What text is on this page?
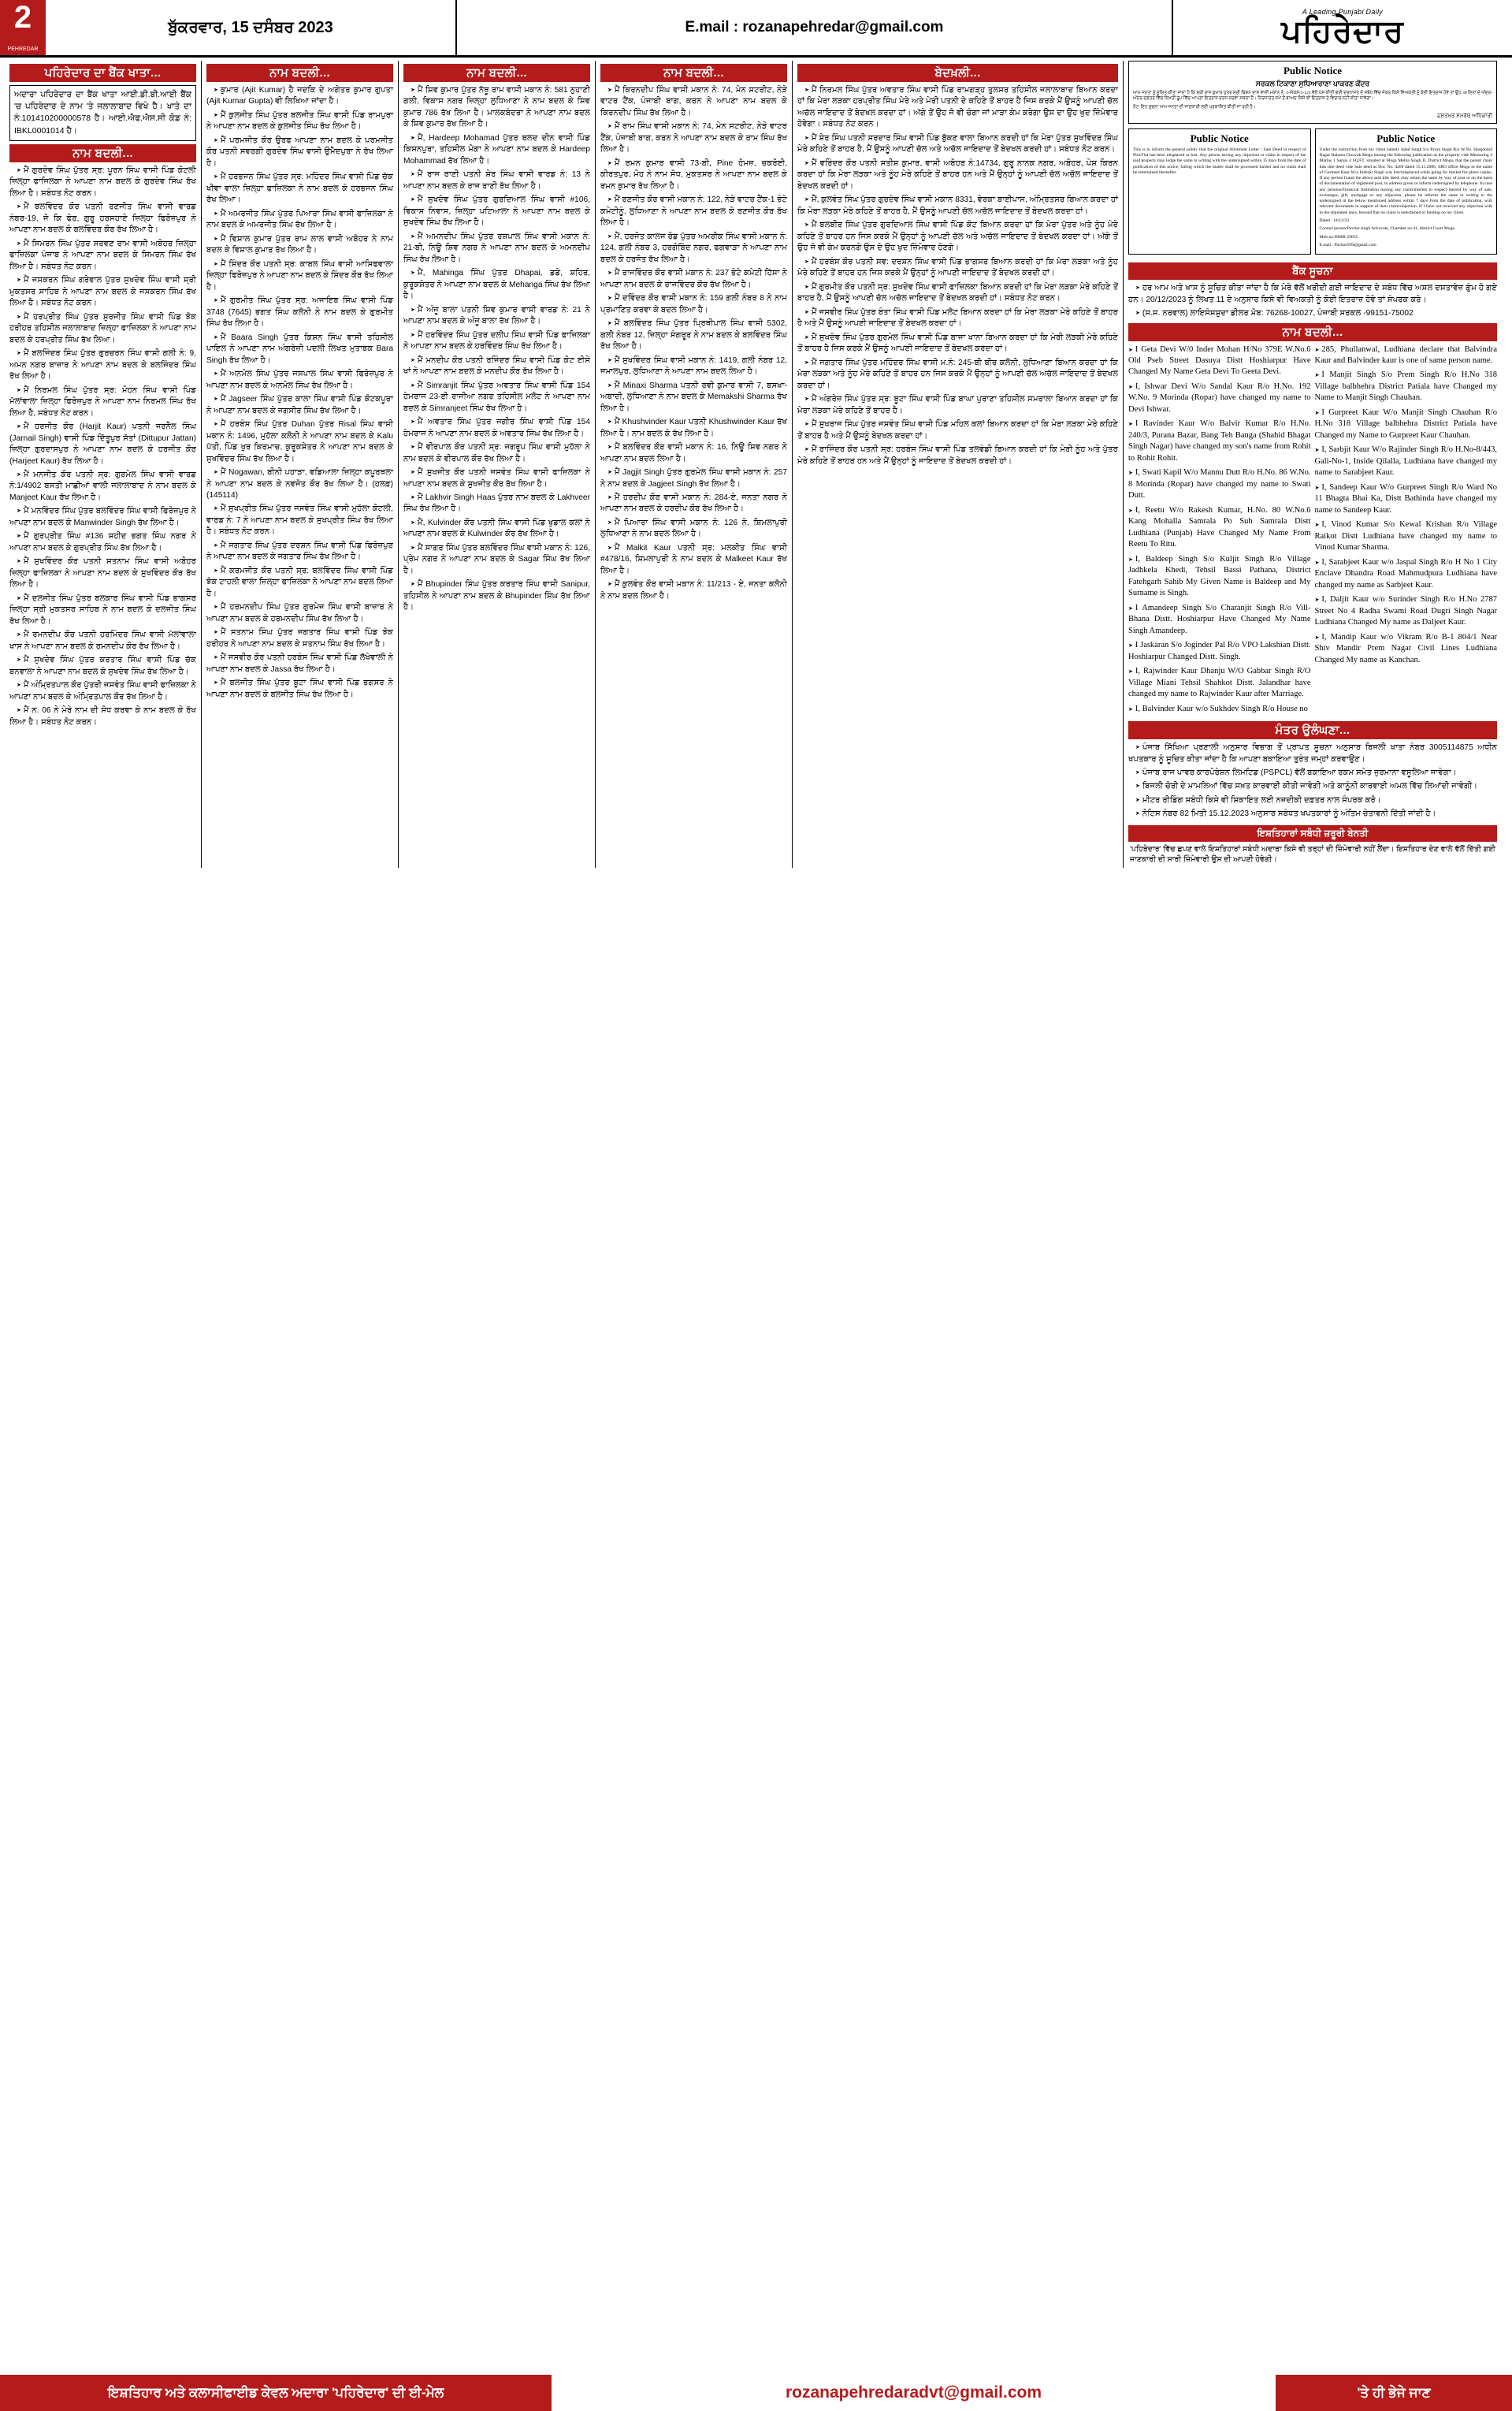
2
PEHREDAR
ਬੁੱਕਰਵਾਰ, 15 ਦਸੰਬਰ 2023	E.mail :
rozanapehredar@gmail.com
A Leading Punjabi Daily
ਪਹਿਰੇਦਾਰ
ਪਹਿਰੇਦਾਰ ਦਾ ਬੈਂਕ ਖਾਤਾ...
ਅਦਾਰਾ ਪਹਿਰੇਦਾਰ ਦਾ ਬੈਂਕ ਖਾਤਾ ਆਈ.ਡੀ.ਬੀ.ਆਈ ਬੈਂਕ 'ਚ ਪਹਿਰੇਦਾਰ ਦੇ ਨਾਮ 'ਤੇ ਜਲਾਲਾਬਾਦ ਵਿਖੇ ਹੈ। ਖਾਤੇ ਦਾ ਨੰ:101410200000578 ਹੈ। ਆਈ.ਐਫ.ਐਸ.ਸੀ ਕੋਡ ਨੰ: IBKL0001014 ਹੈ।
ਨਾਮ ਬਦਲੀ...

➤ ਮੈਂ ਗੁਰਦੇਵ ਸਿੰਘ ਪੁੱਤਰ ਸ੍ਰ: ਪੂਰਨ ਸਿੰਘ ਵਾਸੀ ਪਿੰਡ ਕੋਟਲੀ ਜ਼ਿਲ੍ਹਾ ਫਾਜਿਲਕਾ ਨੇ ਆਪਣਾ ਨਾਮ ਬਦਲ ਕੇ ਗੁਰਦੇਵ ਸਿੰਘ ਰੱਖ ਲਿਆ ਹੈ। ਸਬੰਧਤ ਨੋਟ ਕਰਨ।

➤ ਮੈਂ ਬਲਵਿੰਦਰ ਕੌਰ ਪਤਨੀ ਰਣਜੀਤ ਸਿੰਘ ਵਾਸੀ ਵਾਰਡ ਨੰਬਰ-19, ਜੋ ਕਿ ਫੇਰ, ਗੁਰੂ ਹਰਸਹਾਏ ਜ਼ਿਲ੍ਹਾ ਫਿਰੋਜ਼ਪੁਰ ਨੇ ਆਪਣਾ ਨਾਮ ਬਦਲ ਕੇ ਬਲਵਿੰਦਰ ਕੌਰ ਰੱਖ ਲਿਆ ਹੈ।

➤ ਮੈਂ ਸਿਮਰਨ ਸਿੰਘ ਪੁੱਤਰ ਸਰਵਣ ਰਾਮ ਵਾਸੀ ਅਬੋਹਰ ਜ਼ਿਲ੍ਹਾ ਫਾਜ਼ਿਲਕਾ ਪੰਜਾਬ ਨੇ ਆਪਣਾ ਨਾਮ ਬਦਲ ਕੇ ਸਿਮਰਨ ਸਿੰਘ ਰੱਖ ਲਿਆ ਹੈ। ਸਬੰਧਤ ਨੋਟ ਕਰਨ।

➤ ਮੈਂ ਜਸਕਰਨ ਸਿੰਘ ਗਰੇਵਾਲ ਪੁੱਤਰ ਸੁਖਦੇਵ ਸਿੰਘ ਵਾਸੀ ਸ੍ਰੀ ਮੁਕਤਸਰ ਸਾਹਿਬ ਨੇ ਆਪਣਾ ਨਾਮ ਬਦਲ ਕੇ ਜਸਕਰਨ ਸਿੰਘ ਰੱਖ ਲਿਆ ਹੈ। ਸਬੰਧਤ ਨੋਟ ਕਰਨ।

➤ ਮੈਂ ਹਰਪ੍ਰੀਤ ਸਿੰਘ ਪੁੱਤਰ ਸੁਰਜੀਤ ਸਿੰਘ ਵਾਸੀ ਪਿੰਡ ਝੋਕ ਹਰੀਹਰ ਤਹਿਸੀਲ ਜਲਾਲਾਬਾਦ ਜ਼ਿਲ੍ਹਾ ਫਾਜ਼ਿਲਕਾ ਨੇ ਆਪਣਾ ਨਾਮ ਬਦਲ ਕੇ ਹਰਪ੍ਰੀਤ ਸਿੰਘ ਰੱਖ ਲਿਆ।

➤ ਮੈਂ ਬਲਜਿੰਦਰ ਸਿੰਘ ਪੁੱਤਰ ਗੁਰਚਰਨ ਸਿੰਘ ਵਾਸੀ ਗਲੀ ਨੰ: 9, ਅਮਨ ਨਗਰ ਬਾਜ਼ਾਰ ਨੇ ਆਪਣਾ ਨਾਮ ਬਦਲ ਕੇ ਬਲਜਿੰਦਰ ਸਿੰਘ ਰੱਖ ਲਿਆ ਹੈ।

➤ ਮੈਂ ਨਿਰਮਲ ਸਿੰਘ ਪੁੱਤਰ ਸ੍ਰ: ਮੋਹਨ ਸਿੰਘ ਵਾਸੀ ਪਿੰਡ ਮੱਲਾਂਵਾਲਾ ਜ਼ਿਲ੍ਹਾ ਫਿਰੋਜ਼ਪੁਰ ਨੇ ਆਪਣਾ ਨਾਮ ਨਿਰਮਲ ਸਿੰਘ ਰੱਖ ਲਿਆ ਹੈ, ਸਬੰਧਤ ਨੋਟ ਕਰਨ।

➤ ਮੈਂ ਹਰਜੀਤ ਕੌਰ (Harjit Kaur) ਪਤਨੀ ਜਰਨੈਲ ਸਿੰਘ (Jarnail Singh) ਵਾਸੀ ਪਿੰਡ ਦਿੱਤੂਪੁਰ ਸੱਤਾਂ (Dittupur Jattan) ਜ਼ਿਲ੍ਹਾ ਗੁਰਦਾਸਪੁਰ ਨੇ ਆਪਣਾ ਨਾਮ ਬਦਲ ਕੇ ਹਰਜੀਤ ਕੌਰ (Harjeet Kaur) ਰੱਖ ਲਿਆ ਹੈ।

➤ ਮੈਂ ਮਨਜੀਤ ਕੌਰ ਪਤਨੀ ਸ੍ਰ: ਗੁਰਮੇਲ ਸਿੰਘ ਵਾਸੀ ਵਾਰਡ ਨੰ:1/4902 ਬਸਤੀ ਮਾਛੀਆਂ ਵਾਲੀ ਜਲਾਲਾਬਾਦ ਨੇ ਨਾਮ ਬਦਲ ਕੇ Manjeet Kaur ਰੱਖ ਲਿਆ ਹੈ।

➤ ਮੈਂ ਮਨਵਿੰਦਰ ਸਿੰਘ ਪੁੱਤਰ ਬਲਵਿੰਦਰ ਸਿੰਘ ਵਾਸੀ ਫਿਰੋਜ਼ਪੁਰ ਨੇ ਆਪਣਾ ਨਾਮ ਬਦਲ ਕੇ Manwinder Singh ਰੱਖ ਲਿਆ ਹੈ।

➤ ਮੈਂ ਗੁਰਪ੍ਰੀਤ ਸਿੰਘ #136 ਸ਼ਹੀਦ ਭਗਤ ਸਿੰਘ ਨਗਰ ਨੇ ਆਪਣਾ ਨਾਮ ਬਦਲ ਕੇ ਗੁਰਪ੍ਰੀਤ ਸਿੰਘ ਰੱਖ ਲਿਆ ਹੈ।

➤ ਮੈਂ ਸੁਖਵਿੰਦਰ ਕੌਰ ਪਤਨੀ ਸਤਨਾਮ ਸਿੰਘ ਵਾਸੀ ਅਬੋਹਰ ਜ਼ਿਲ੍ਹਾ ਫਾਜ਼ਿਲਕਾ ਨੇ ਆਪਣਾ ਨਾਮ ਬਦਲ ਕੇ ਸੁਖਵਿੰਦਰ ਕੌਰ ਰੱਖ ਲਿਆ ਹੈ।

➤ ਮੈਂ ਦਲਜੀਤ ਸਿੰਘ ਪੁੱਤਰ ਬਲਕਾਰ ਸਿੰਘ ਵਾਸੀ ਪਿੰਡ ਭਾਗਸਰ ਜ਼ਿਲ੍ਹਾ ਸ੍ਰੀ ਮੁਕਤਸਰ ਸਾਹਿਬ ਨੇ ਨਾਮ ਬਦਲ ਕੇ ਦਲਜੀਤ ਸਿੰਘ ਰੱਖ ਲਿਆ ਹੈ।

➤ ਮੈਂ ਰਮਨਦੀਪ ਕੌਰ ਪਤਨੀ ਹਰਮਿੰਦਰ ਸਿੰਘ ਵਾਸੀ ਮੱਲਾਂਵਾਲਾ ਖਾਸ ਨੇ ਆਪਣਾ ਨਾਮ ਬਦਲ ਕੇ ਰਮਨਦੀਪ ਕੌਰ ਰੱਖ ਲਿਆ ਹੈ।

➤ ਮੈਂ ਸੁਖਦੇਵ ਸਿੰਘ ਪੁੱਤਰ ਕਰਤਾਰ ਸਿੰਘ ਵਾਸੀ ਪਿੰਡ ਚੱਕ ਬਨਵਾਲਾ ਨੇ ਆਪਣਾ ਨਾਮ ਬਦਲ ਕੇ ਸੁਖਦੇਵ ਸਿੰਘ ਰੱਖ ਲਿਆ ਹੈ।

➤ ਮੈਂ ਅੰਮ੍ਰਿਤਪਾਲ ਕੌਰ ਪੁੱਤਰੀ ਜਸਵੰਤ ਸਿੰਘ ਵਾਸੀ ਫਾਜ਼ਿਲਕਾ ਨੇ ਆਪਣਾ ਨਾਮ ਬਦਲ ਕੇ ਅੰਮ੍ਰਿਤਪਾਲ ਕੌਰ ਰੱਖ ਲਿਆ ਹੈ।

➤ ਮੈਂ ਨ. 06 ਨੇ ਮੇਰੇ ਨਾਮ ਦੀ ਸੋਧ ਕਰਵਾ ਕੇ ਨਾਮ ਬਦਲ ਕੇ ਰੱਖ ਲਿਆ ਹੈ। ਸਬੰਧਤ ਨੋਟ ਕਰਨ।

ਨਾਮ ਬਦਲੀ...

➤ ਕੁਮਾਰ (Ajit Kumar) ਹੈ ਜਦਕਿ ਦੇ ਅਗੇਤਰ ਕੁਮਾਰ ਗੁਪਤਾ (Ajit Kumar Gupta) ਵੀ ਲਿਖਿਆ ਜਾਂਦਾ ਹੈ।

➤ ਮੈਂ ਕੁਲਜੀਤ ਸਿੰਘ ਪੁੱਤਰ ਬਲਜੀਤ ਸਿੰਘ ਵਾਸੀ ਪਿੰਡ ਰਾਮਪੁਰਾ ਨੇ ਆਪਣਾ ਨਾਮ ਬਦਲ ਕੇ ਕੁਲਜੀਤ ਸਿੰਘ ਰੱਖ ਲਿਆ ਹੈ।

➤ ਮੈਂ ਪਰਮਜੀਤ ਕੌਰ ਉਰਫ ਆਪਣਾ ਨਾਮ ਬਦਲ ਕੇ ਪਰਮਜੀਤ ਕੌਰ ਪਤਨੀ ਸਵਰਗੀ ਗੁਰਦੇਵ ਸਿੰਘ ਵਾਸੀ ਉਮੈਦਪੁਰਾ ਨੇ ਰੱਖ ਲਿਆ ਹੈ।

➤ ਮੈਂ ਹਰਭਜਨ ਸਿੰਘ ਪੁੱਤਰ ਸ੍ਰ: ਮਹਿੰਦਰ ਸਿੰਘ ਵਾਸੀ ਪਿੰਡ ਚੱਕ ਖੀਵਾ ਵਾਲਾ ਜ਼ਿਲ੍ਹਾ ਫਾਜ਼ਿਲਕਾ ਨੇ ਨਾਮ ਬਦਲ ਕੇ ਹਰਭਜਨ ਸਿੰਘ ਰੱਖ ਲਿਆ।

➤ ਮੈਂ ਅਮਰਜੀਤ ਸਿੰਘ ਪੁੱਤਰ ਪਿਆਰਾ ਸਿੰਘ ਵਾਸੀ ਫਾਜ਼ਿਲਕਾ ਨੇ ਨਾਮ ਬਦਲ ਕੇ ਅਮਰਜੀਤ ਸਿੰਘ ਰੱਖ ਲਿਆ ਹੈ।

➤ ਮੈਂ ਵਿਸ਼ਾਲ ਕੁਮਾਰ ਪੁੱਤਰ ਰਾਮ ਲਾਲ ਵਾਸੀ ਅਬੋਹਰ ਨੇ ਨਾਮ ਬਦਲ ਕੇ ਵਿਸ਼ਾਲ ਕੁਮਾਰ ਰੱਖ ਲਿਆ ਹੈ।

➤ ਮੈਂ ਸ਼ਿੰਦਰ ਕੌਰ ਪਤਨੀ ਸ੍ਰ: ਕਾਬਲ ਸਿੰਘ ਵਾਸੀ ਆਸਿਫਵਾਲਾ ਜ਼ਿਲ੍ਹਾ ਫਿਰੋਜ਼ਪੁਰ ਨੇ ਆਪਣਾ ਨਾਮ ਬਦਲ ਕੇ ਸ਼ਿੰਦਰ ਕੌਰ ਰੱਖ ਲਿਆ ਹੈ।

➤ ਮੈਂ ਗੁਰਮੀਤ ਸਿੰਘ ਪੁੱਤਰ ਸ੍ਰ: ਅਜਾਇਬ ਸਿੰਘ ਵਾਸੀ ਪਿੰਡ 3748 (7645) ਭਗਤ ਸਿੰਘ ਕਲੋਨੀ ਨੇ ਨਾਮ ਬਦਲ ਕੇ ਗੁਰਮੀਤ ਸਿੰਘ ਰੱਖ ਲਿਆ ਹੈ।

➤ ਮੈਂ Baara Singh ਪੁੱਤਰ ਕਿਸ਼ਨ ਸਿੰਘ ਵਾਸੀ ਤਹਿਸੀਲ ਪਾਇਲ ਨੇ ਆਪਣਾ ਨਾਮ ਅੰਗਰੇਜ਼ੀ ਪਦਲੀ ਲਿਖਤ ਮੁਤਾਬਕ Bara Singh ਰੱਖ ਲਿਆ ਹੈ।

➤ ਮੈਂ ਅਨਮੋਲ ਸਿੰਘ ਪੁੱਤਰ ਜਸਪਾਲ ਸਿੰਘ ਵਾਸੀ ਫਿਰੋਜ਼ਪੁਰ ਨੇ ਆਪਣਾ ਨਾਮ ਬਦਲ ਕੇ ਅਨਮੋਲ ਸਿੰਘ ਰੱਖ ਲਿਆ ਹੈ।

➤ ਮੈਂ Jagseer ਸਿੰਘ ਪੁੱਤਰ ਕਾਲਾ ਸਿੰਘ ਵਾਸੀ ਪਿੰਡ ਕੋਟਕਪੂਰਾ ਨੇ ਆਪਣਾ ਨਾਮ ਬਦਲ ਕੇ ਜਗਸੀਰ ਸਿੰਘ ਰੱਖ ਲਿਆ ਹੈ।

➤ ਮੈਂ ਹਰਬੰਸ ਸਿੰਘ ਪੁੱਤਰ Duhan ਪੁੱਤਰ Risal ਸਿੰਘ ਵਾਸੀ ਮਕਾਨ ਨੰ: 1496, ਮੁਹੱਲਾ ਕਲੋਨੀ ਨੇ ਆਪਣਾ ਨਾਮ ਬਦਲ ਕੇ Kalu ਪੱਤੀ, ਪਿੰਡ ਖੁਰ ਕਿਰਮਾਚ, ਕੁਰੂਕਸ਼ੇਤਰ ਨੇ ਆਪਣਾ ਨਾਮ ਬਦਲ ਕੇ ਸੁਖਵਿੰਦਰ ਸਿੰਘ ਰੱਖ ਲਿਆ ਹੈ।

➤ ਮੈਂ Nogawan, ਬੀਨੀ ਪਹਾੜਾ, ਵਡਿਆਲਾ ਜ਼ਿਲ੍ਹਾ ਕਪੂਰਥਲਾ ਨੇ ਆਪਣਾ ਨਾਮ ਬਦਲ ਕੇ ਨਵਜੋਤ ਕੌਰ ਰੱਖ ਲਿਆ ਹੈ। (ਹਲਫ਼) (145114)

➤ ਮੈਂ ਸੁਖਪ੍ਰੀਤ ਸਿੰਘ ਪੁੱਤਰ ਜਸਵੰਤ ਸਿੰਘ ਵਾਸੀ ਮੁਹੱਲਾ ਕੋਟਲੀ, ਵਾਰਡ ਨੰ: 7 ਨੇ ਆਪਣਾ ਨਾਮ ਬਦਲ ਕੇ ਸੁਖਪ੍ਰੀਤ ਸਿੰਘ ਰੱਖ ਲਿਆ ਹੈ। ਸਬੰਧਤ ਨੋਟ ਕਰਨ।

➤ ਮੈਂ ਜਗਤਾਰ ਸਿੰਘ ਪੁੱਤਰ ਦਰਸ਼ਨ ਸਿੰਘ ਵਾਸੀ ਪਿੰਡ ਫਿਰੋਜ਼ਪੁਰ ਨੇ ਆਪਣਾ ਨਾਮ ਬਦਲ ਕੇ ਜਗਤਾਰ ਸਿੰਘ ਰੱਖ ਲਿਆ ਹੈ।

➤ ਮੈਂ ਕਰਮਜੀਤ ਕੌਰ ਪਤਨੀ ਸ੍ਰ: ਬਲਵਿੰਦਰ ਸਿੰਘ ਵਾਸੀ ਪਿੰਡ ਝੋਕ ਟਾਹਲੀ ਵਾਲਾ ਜ਼ਿਲ੍ਹਾ ਫਾਜ਼ਿਲਕਾ ਨੇ ਆਪਣਾ ਨਾਮ ਬਦਲ ਲਿਆ ਹੈ।

➤ ਮੈਂ ਹਰਮਨਦੀਪ ਸਿੰਘ ਪੁੱਤਰ ਗੁਰਮੇਜ ਸਿੰਘ ਵਾਸੀ ਬਾਜ਼ਾਰ ਨੇ ਆਪਣਾ ਨਾਮ ਬਦਲ ਕੇ ਹਰਮਨਦੀਪ ਸਿੰਘ ਰੱਖ ਲਿਆ ਹੈ।

➤ ਮੈਂ ਸਤਨਾਮ ਸਿੰਘ ਪੁੱਤਰ ਜਗਤਾਰ ਸਿੰਘ ਵਾਸੀ ਪਿੰਡ ਝੋਕ ਹਰੀਹਰ ਨੇ ਆਪਣਾ ਨਾਮ ਬਦਲ ਕੇ ਸਤਨਾਮ ਸਿੰਘ ਰੱਖ ਲਿਆ ਹੈ।

➤ ਮੈਂ ਜਸਵੀਰ ਕੌਰ ਪਤਨੀ ਹਰਬੰਸ ਸਿੰਘ ਵਾਸੀ ਪਿੰਡ ਲੱਖੇਵਾਲੀ ਨੇ ਆਪਣਾ ਨਾਮ ਬਦਲ ਕੇ Jassa ਰੱਖ ਲਿਆ ਹੈ।

➤ ਮੈਂ ਬਲਜੀਤ ਸਿੰਘ ਪੁੱਤਰ ਬੂਟਾ ਸਿੰਘ ਵਾਸੀ ਪਿੰਡ ਭਗਸਰ ਨੇ ਆਪਣਾ ਨਾਮ ਬਦਲ ਕੇ ਬਲਜੀਤ ਸਿੰਘ ਰੱਖ ਲਿਆ ਹੈ।

ਨਾਮ ਬਦਲੀ...

➤ ਮੈਂ ਸ਼ਿਵ ਕੁਮਾਰ ਪੁੱਤਰ ਨੱਥੂ ਰਾਮ ਵਾਸੀ ਮਕਾਨ ਨੰ: 581 ਨੁਹਾਣੀ ਗਲੀ, ਵਿਕਾਸ ਨਗਰ ਜ਼ਿਲ੍ਹਾ ਲੁਧਿਆਣਾ ਨੇ ਨਾਮ ਬਦਲ ਕੇ ਸ਼ਿਵ ਕੁਮਾਰ 786 ਰੱਖ ਲਿਆ ਹੈ। ਮਾਲਕਬੰਦਰਾ ਨੇ ਆਪਣਾ ਨਾਮ ਬਦਲ ਕੇ ਸ਼ਿਵ ਕੁਮਾਰ ਰੱਖ ਲਿਆ ਹੈ।

➤ ਮੈਂ, Hardeep Mohamad ਪੁੱਤਰ ਬਲਦ ਦੀਨ ਵਾਸੀ ਪਿੰਡ ਕਿਸ਼ਨਪੁਰਾ, ਤਹਿਸੀਲ ਮੋਗਾ ਨੇ ਆਪਣਾ ਨਾਮ ਬਦਲ ਕੇ Hardeep Mohammad ਰੱਖ ਲਿਆ ਹੈ।

➤ ਮੈਂ ਰਾਜ ਰਾਣੀ ਪਤਨੀ ਸ਼ੇਰ ਸਿੰਘ ਵਾਸੀ ਵਾਰਡ ਨੰ: 13 ਨੇ ਆਪਣਾ ਨਾਮ ਬਦਲ ਕੇ ਰਾਜ ਰਾਣੀ ਰੱਖ ਲਿਆ ਹੈ।

➤ ਮੈਂ ਸੁਖਦੇਵ ਸਿੰਘ ਪੁੱਤਰ ਗੁਰਦਿਆਲ ਸਿੰਘ ਵਾਸੀ #106, ਵਿਕਾਸ ਨਿਵਾਸ, ਜ਼ਿਲ੍ਹਾ ਪਟਿਆਲਾ ਨੇ ਆਪਣਾ ਨਾਮ ਬਦਲ ਕੇ ਸੁਖਦੇਵ ਸਿੰਘ ਰੱਖ ਲਿਆ ਹੈ।

➤ ਮੈਂ ਅਮਨਦੀਪ ਸਿੰਘ ਪੁੱਤਰ ਰਸ਼ਪਾਲ ਸਿੰਘ ਵਾਸੀ ਮਕਾਨ ਨੰ: 21-ਬੀ, ਨਿਊ ਸ਼ਿਵ ਨਗਰ ਨੇ ਆਪਣਾ ਨਾਮ ਬਦਲ ਕੇ ਅਮਨਦੀਪ ਸਿੰਘ ਰੱਖ ਲਿਆ ਹੈ।

➤ ਮੈਂ, Mahinga ਸਿੰਘ ਪੁੱਤਰ Dhapai, ਡਡੇ, ਸ਼ਹਿਰ, ਕੁਰੂਕਸ਼ੇਤਰ ਨੇ ਆਪਣਾ ਨਾਮ ਬਦਲ ਕੇ Mehanga ਸਿੰਘ ਰੱਖ ਲਿਆ ਹੈ।

➤ ਮੈਂ ਅੰਜੂ ਬਾਲਾ ਪਤਨੀ ਸ਼ਿਵ ਕੁਮਾਰ ਵਾਸੀ ਵਾਰਡ ਨੰ: 21 ਨੇ ਆਪਣਾ ਨਾਮ ਬਦਲ ਕੇ ਅੰਜੂ ਬਾਲਾ ਰੱਖ ਲਿਆ ਹੈ।

➤ ਮੈਂ ਹਰਵਿੰਦਰ ਸਿੰਘ ਪੁੱਤਰ ਦਲੀਪ ਸਿੰਘ ਵਾਸੀ ਪਿੰਡ ਫਾਜ਼ਿਲਕਾ ਨੇ ਆਪਣਾ ਨਾਮ ਬਦਲ ਕੇ ਹਰਵਿੰਦਰ ਸਿੰਘ ਰੱਖ ਲਿਆ ਹੈ।

➤ ਮੈਂ ਮਨਦੀਪ ਕੌਰ ਪਤਨੀ ਰਜਿੰਦਰ ਸਿੰਘ ਵਾਸੀ ਪਿੰਡ ਕੋਟ ਈਸੇ ਖਾਂ ਨੇ ਆਪਣਾ ਨਾਮ ਬਦਲ ਕੇ ਮਨਦੀਪ ਕੌਰ ਰੱਖ ਲਿਆ ਹੈ।

➤ ਮੈਂ Simranjit ਸਿੰਘ ਪੁੱਤਰ ਅਵਤਾਰ ਸਿੰਘ ਵਾਸੀ ਪਿੰਡ 154 ਹੇਮਰਾਜ 23-ਈ ਰਾਜੀਆ ਨਗਰ ਤਹਿਸੀਲ ਮਲੋਟ ਨੇ ਆਪਣਾ ਨਾਮ ਬਦਲ ਕੇ Simranjeet ਸਿੰਘ ਰੱਖ ਲਿਆ ਹੈ।

➤ ਮੈਂ ਅਵਤਾਰ ਸਿੰਘ ਪੁੱਤਰ ਜਗੀਰ ਸਿੰਘ ਵਾਸੀ ਪਿੰਡ 154 ਹੇਮਰਾਜ ਨੇ ਆਪਣਾ ਨਾਮ ਬਦਲ ਕੇ ਅਵਤਾਰ ਸਿੰਘ ਰੱਖ ਲਿਆ ਹੈ।

➤ ਮੈਂ ਵੀਰਪਾਲ ਕੌਰ ਪਤਨੀ ਸ੍ਰ: ਜਗਰੂਪ ਸਿੰਘ ਵਾਸੀ ਮੁਹੱਲਾ ਨੇ ਨਾਮ ਬਦਲ ਕੇ ਵੀਰਪਾਲ ਕੌਰ ਰੱਖ ਲਿਆ ਹੈ।

➤ ਮੈਂ ਸੁਖਜੀਤ ਕੌਰ ਪਤਨੀ ਜਸਵੰਤ ਸਿੰਘ ਵਾਸੀ ਫਾਜ਼ਿਲਕਾ ਨੇ ਆਪਣਾ ਨਾਮ ਬਦਲ ਕੇ ਸੁਖਜੀਤ ਕੌਰ ਰੱਖ ਲਿਆ ਹੈ।

➤ ਮੈਂ Lakhvir Singh Haas ਪੁੱਤਰ ਨਾਮ ਬਦਲ ਕੇ Lakhveer ਸਿੰਘ ਰੱਖ ਲਿਆ ਹੈ।

➤ ਮੈਂ, Kulvinder ਕੌਰ ਪਤਨੀ ਸਿੰਘ ਵਾਸੀ ਪਿੰਡ ਖੁਡਾਲ ਕਲਾਂ ਨੇ ਆਪਣਾ ਨਾਮ ਬਦਲ ਕੇ Kulwinder ਕੌਰ ਰੱਖ ਲਿਆ ਹੈ।

➤ ਮੈਂ ਸਾਗਰ ਸਿੰਘ ਪੁੱਤਰ ਬਲਵਿੰਦਰ ਸਿੰਘ ਵਾਸੀ ਮਕਾਨ ਨੰ: 126, ਪ੍ਰੇਮ ਨਗਰ ਨੇ ਆਪਣਾ ਨਾਮ ਬਦਲ ਕੇ Sagar ਸਿੰਘ ਰੱਖ ਲਿਆ ਹੈ।

➤ ਮੈਂ Bhupinder ਸਿੰਘ ਪੁੱਤਰ ਕਰਤਾਰ ਸਿੰਘ ਵਾਸੀ Sanipur, ਤਹਿਸੀਲ ਨੇ ਆਪਣਾ ਨਾਮ ਬਦਲ ਕੇ Bhupinder ਸਿੰਘ ਰੱਖ ਲਿਆ ਹੈ।

ਨਾਮ ਬਦਲੀ...

➤ ਮੈਂ ਕਿਰਨਦੀਪ ਸਿੰਘ ਵਾਸੀ ਮਕਾਨ ਨੰ: 74, ਮੇਨ ਸਟਰੀਟ, ਨੇੜੇ ਵਾਟਰ ਟੈਂਕ, ਪੰਜਾਬੀ ਬਾਗ, ਕਰਨ ਨੇ ਆਪਣਾ ਨਾਮ ਬਦਲ ਕੇ ਕਿਰਨਦੀਪ ਸਿੰਘ ਰੱਖ ਲਿਆ ਹੈ।

➤ ਮੈਂ ਰਾਮ ਸਿੰਘ ਵਾਸੀ ਮਕਾਨ ਨੰ: 74, ਮੇਨ ਸਟਰੀਟ, ਨੇੜੇ ਵਾਟਰ ਟੈਂਕ, ਪੰਜਾਬੀ ਬਾਗ, ਕਰਨ ਨੇ ਆਪਣਾ ਨਾਮ ਬਦਲ ਕੇ ਰਾਮ ਸਿੰਘ ਰੱਖ ਲਿਆ ਹੈ।

➤ ਮੈਂ ਰਮਨ ਕੁਮਾਰ ਵਾਸੀ 73-ਬੀ, Pine ਹੋਮਜ਼, ਚਕਰੋਈ, ਕੀਰਤਪੁਰ, ਮੋਹ ਨੇ ਨਾਮ ਸੋਧ, ਮੁਕਤਸਰ ਨੇ ਆਪਣਾ ਨਾਮ ਬਦਲ ਕੇ ਰਮਨ ਕੁਮਾਰ ਰੱਖ ਲਿਆ ਹੈ।

➤ ਮੈਂ ਰਣਜੀਤ ਕੌਰ ਵਾਸੀ ਮਕਾਨ ਨੰ: 122, ਨੇੜੇ ਵਾਟਰ ਟੈਂਕ-1 ਭੇਟੇ ਕਮੇਟੀਨੂੰ, ਲੁਧਿਆਣਾ ਨੇ ਆਪਣਾ ਨਾਮ ਬਦਲ ਕੇ ਰਣਜੀਤ ਕੌਰ ਰੱਖ ਲਿਆ ਹੈ।

➤ ਮੈਂ, ਹਰਜੋਤ ਕਾਲਜ ਰੋਡ ਪੁੱਤਰ ਅਮਰੀਕ ਸਿੰਘ ਵਾਸੀ ਮਕਾਨ ਨੰ: 124, ਗਲੀ ਨੰਬਰ 3, ਹਰਗੋਬਿੰਦ ਨਗਰ, ਫਗਵਾੜਾ ਨੇ ਆਪਣਾ ਨਾਮ ਬਦਲ ਕੇ ਹਰਜੋਤ ਰੱਖ ਲਿਆ ਹੈ।

➤ ਮੈਂ ਰਾਜਵਿੰਦਰ ਕੌਰ ਵਾਸੀ ਮਕਾਨ ਨੰ: 237 ਭੇਟੇ ਕਮੇਟੀ ਹਿੱਸਾ ਨੇ ਆਪਣਾ ਨਾਮ ਬਦਲ ਕੇ ਰਾਜਵਿੰਦਰ ਕੌਰ ਰੱਖ ਲਿਆ ਹੈ।

➤ ਮੈਂ ਦਵਿੰਦਰ ਕੌਰ ਵਾਸੀ ਮਕਾਨ ਨੰ: 159 ਗਲੀ ਨੰਬਰ 8 ਨੇ ਨਾਮ ਪ੍ਰਮਾਣਿਤ ਕਰਵਾ ਕੇ ਬਦਲ ਲਿਆ ਹੈ।

➤ ਮੈਂ ਬਲਵਿੰਦਰ ਸਿੰਘ ਪੁੱਤਰ ਪ੍ਰਿਥੀਪਾਲ ਸਿੰਘ ਵਾਸੀ 5302, ਗਲੀ ਨੰਬਰ 12, ਜ਼ਿਲ੍ਹਾ ਸੰਗਰੂਰ ਨੇ ਨਾਮ ਬਦਲ ਕੇ ਬਲਵਿੰਦਰ ਸਿੰਘ ਰੱਖ ਲਿਆ ਹੈ।

➤ ਮੈਂ ਸੁਖਵਿੰਦਰ ਸਿੰਘ ਵਾਸੀ ਮਕਾਨ ਨੰ: 1419, ਗਲੀ ਨੰਬਰ 12, ਜਮਾਲਪੁਰ, ਲੁਧਿਆਣਾ ਨੇ ਆਪਣਾ ਨਾਮ ਬਦਲ ਲਿਆ ਹੈ।

➤ ਮੈਂ Minaxi Sharma ਪਤਨੀ ਰਵੀ ਕੁਮਾਰ ਵਾਸੀ 7, ਬਸਖਾ-ਅਬਾਦੀ, ਲੁਧਿਆਣਾ ਨੇ ਨਾਮ ਬਦਲ ਕੇ Memakshi Sharma ਰੱਖ ਲਿਆ ਹੈ।

➤ ਮੈਂ Khushvinder Kaur ਪਤਨੀ Khushwinder Kaur ਰੱਖ ਲਿਆ ਹੈ। ਨਾਮ ਬਦਲ ਕੇ ਰੱਖ ਲਿਆ ਹੈ।

➤ ਮੈਂ ਬਲਵਿੰਦਰ ਕੌਰ ਵਾਸੀ ਮਕਾਨ ਨੰ: 16, ਨਿਊ ਸ਼ਿਵ ਨਗਰ ਨੇ ਆਪਣਾ ਨਾਮ ਬਦਲ ਲਿਆ ਹੈ।

➤ ਮੈਂ Jagjit Singh ਪੁੱਤਰ ਗੁਰਮੇਲ ਸਿੰਘ ਵਾਸੀ ਮਕਾਨ ਨੰ: 257 ਨੇ ਨਾਮ ਬਦਲ ਕੇ Jagjeet Singh ਰੱਖ ਲਿਆ ਹੈ।

➤ ਮੈਂ ਹਰਦੀਪ ਕੌਰ ਵਾਸੀ ਮਕਾਨ ਨੰ: 284-ਏ, ਜਨਤਾ ਨਗਰ ਨੇ ਆਪਣਾ ਨਾਮ ਬਦਲ ਕੇ ਹਰਦੀਪ ਕੌਰ ਰੱਖ ਲਿਆ ਹੈ।

➤ ਮੈਂ ਪਿਆਰਾ ਸਿੰਘ ਵਾਸੀ ਮਕਾਨ ਨੰ: 126 ਨੇ, ਸ਼ਿਮਲਾਪੁਰੀ ਲੁਧਿਆਣਾ ਨੇ ਨਾਮ ਬਦਲ ਲਿਆ ਹੈ।

➤ ਮੈਂ Malkit Kaur ਪਤਨੀ ਸ੍ਰ: ਮਲਕੀਤ ਸਿੰਘ ਵਾਸੀ #478/16, ਸ਼ਿਮਲਾਪੁਰੀ ਨੇ ਨਾਮ ਬਦਲ ਕੇ Malkeet Kaur ਰੱਖ ਲਿਆ ਹੈ।

➤ ਮੈਂ ਕੁਲਵੰਤ ਕੌਰ ਵਾਸੀ ਮਕਾਨ ਨੰ: 11/213 - ਏ, ਜਨਤਾ ਕਲੋਨੀ ਨੇ ਨਾਮ ਬਦਲ ਲਿਆ ਹੈ।

ਬੇਦਖ਼ਲੀ...

➤ ਮੈਂ ਨਿਰਮਲ ਸਿੰਘ ਪੁੱਤਰ ਅਵਤਾਰ ਸਿੰਘ ਵਾਸੀ ਪਿੰਡ ਰਾਮਗੜ੍ਹ ਤੁਲਸਰ ਤਹਿਸੀਲ ਜਲਾਲਾਬਾਦ ਬਿਆਨ ਕਰਦਾ ਹਾਂ ਕਿ ਮੇਰਾ ਲੜਕਾ ਹਰਪ੍ਰੀਤ ਸਿੰਘ ਮੇਰੇ ਅਤੇ ਮੇਰੀ ਪਤਨੀ ਦੇ ਕਹਿਣੇ ਤੋਂ ਬਾਹਰ ਹੈ ਜਿਸ ਕਰਕੇ ਮੈਂ ਉਸਨੂੰ ਆਪਣੀ ਚੱਲ ਅਚੱਲ ਜਾਇਦਾਦ ਤੋਂ ਬੇਦਖਲ ਕਰਦਾ ਹਾਂ। ਅੱਗੇ ਤੋਂ ਉਹ ਜੋ ਵੀ ਚੰਗਾ ਜਾਂ ਮਾੜਾ ਕੰਮ ਕਰੇਗਾ ਉਸ ਦਾ ਉਹ ਖੁਦ ਜ਼ਿੰਮੇਵਾਰ ਹੋਵੇਗਾ। ਸਬੰਧਤ ਨੋਟ ਕਰਨ।

➤ ਮੈਂ ਸ਼ੇਰ ਸਿੰਘ ਪਤਨੀ ਸਰਦਾਰ ਸਿੰਘ ਵਾਸੀ ਪਿੰਡ ਬੁੱਕਣ ਵਾਲਾ ਬਿਆਨ ਕਰਦੀ ਹਾਂ ਕਿ ਮੇਰਾ ਪੁੱਤਰ ਸੁਖਵਿੰਦਰ ਸਿੰਘ ਮੇਰੇ ਕਹਿਣੇ ਤੋਂ ਬਾਹਰ ਹੈ, ਮੈਂ ਉਸਨੂੰ ਆਪਣੀ ਚੱਲ ਅਤੇ ਅਚੱਲ ਜਾਇਦਾਦ ਤੋਂ ਬੇਦਖਲ ਕਰਦੀ ਹਾਂ। ਸਬੰਧਤ ਨੋਟ ਕਰਨ।

➤ ਮੈਂ ਵਰਿੰਦਰ ਕੌਰ ਪਤਨੀ ਸਤੀਸ਼ ਕੁਮਾਰ, ਵਾਸੀ ਅਬੋਹਰ ਨੰ:14734, ਗੁਰੂ ਨਾਨਕ ਨਗਰ, ਅਬੋਹਰ, ਪੇਸ਼ ਕਿਰਨ ਕਰਦਾ ਹਾਂ ਕਿ ਮੇਰਾ ਲੜਕਾ ਅਤੇ ਨੂੰਹ ਮੇਰੇ ਕਹਿਣੇ ਤੋਂ ਬਾਹਰ ਹਨ ਅਤੇ ਮੈਂ ਉਨ੍ਹਾਂ ਨੂੰ ਆਪਣੀ ਚੱਲ ਅਚੱਲ ਜਾਇਦਾਦ ਤੋਂ ਬੇਦਖਲ ਕਰਦੀ ਹਾਂ।

➤ ਮੈਂ, ਕੁਲਵੰਤ ਸਿੰਘ ਪੁੱਤਰ ਗੁਰਦੇਵ ਸਿੰਘ ਵਾਸੀ ਮਕਾਨ 8331, ਵੇਰਕਾ ਬਾਈਪਾਸ, ਅੰਮ੍ਰਿਤਸਰ ਬਿਆਨ ਕਰਦਾ ਹਾਂ ਕਿ ਮੇਰਾ ਲੜਕਾ ਮੇਰੇ ਕਹਿਣੇ ਤੋਂ ਬਾਹਰ ਹੈ, ਮੈਂ ਉਸਨੂੰ ਆਪਣੀ ਚੱਲ ਅਚੱਲ ਜਾਇਦਾਦ ਤੋਂ ਬੇਦਖਲ ਕਰਦਾ ਹਾਂ।

➤ ਮੈਂ ਬਲਬੀਰ ਸਿੰਘ ਪੁੱਤਰ ਗੁਰਦਿਆਲ ਸਿੰਘ ਵਾਸੀ ਪਿੰਡ ਕੋਟ ਬਿਆਨ ਕਰਦਾ ਹਾਂ ਕਿ ਮੇਰਾ ਪੁੱਤਰ ਅਤੇ ਨੂੰਹ ਮੇਰੇ ਕਹਿਣੇ ਤੋਂ ਬਾਹਰ ਹਨ ਜਿਸ ਕਰਕੇ ਮੈਂ ਉਨ੍ਹਾਂ ਨੂੰ ਆਪਣੀ ਚੱਲ ਅਤੇ ਅਚੱਲ ਜਾਇਦਾਦ ਤੋਂ ਬੇਦਖਲ ਕਰਦਾ ਹਾਂ। ਅੱਗੇ ਤੋਂ ਉਹ ਜੋ ਵੀ ਕੰਮ ਕਰਨਗੇ ਉਸ ਦੇ ਉਹ ਖੁਦ ਜ਼ਿੰਮੇਵਾਰ ਹੋਣਗੇ।

➤ ਮੈਂ ਹਰਬੰਸ ਕੌਰ ਪਤਨੀ ਸਵ: ਦਰਸ਼ਨ ਸਿੰਘ ਵਾਸੀ ਪਿੰਡ ਭਾਗਸਰ ਬਿਆਨ ਕਰਦੀ ਹਾਂ ਕਿ ਮੇਰਾ ਲੜਕਾ ਅਤੇ ਨੂੰਹ ਮੇਰੇ ਕਹਿਣੇ ਤੋਂ ਬਾਹਰ ਹਨ ਜਿਸ ਕਰਕੇ ਮੈਂ ਉਨ੍ਹਾਂ ਨੂੰ ਆਪਣੀ ਜਾਇਦਾਦ ਤੋਂ ਬੇਦਖਲ ਕਰਦੀ ਹਾਂ।

➤ ਮੈਂ ਗੁਰਮੀਤ ਕੌਰ ਪਤਨੀ ਸ੍ਰ: ਸੁਖਦੇਵ ਸਿੰਘ ਵਾਸੀ ਫਾਜ਼ਿਲਕਾ ਬਿਆਨ ਕਰਦੀ ਹਾਂ ਕਿ ਮੇਰਾ ਲੜਕਾ ਮੇਰੇ ਕਹਿਣੇ ਤੋਂ ਬਾਹਰ ਹੈ, ਮੈਂ ਉਸਨੂੰ ਆਪਣੀ ਚੱਲ ਅਚੱਲ ਜਾਇਦਾਦ ਤੋਂ ਬੇਦਖਲ ਕਰਦੀ ਹਾਂ। ਸਬੰਧਤ ਨੋਟ ਕਰਨ।

➤ ਮੈਂ ਜਸਵੀਰ ਸਿੰਘ ਪੁੱਤਰ ਬੰਤਾ ਸਿੰਘ ਵਾਸੀ ਪਿੰਡ ਮਲੋਟ ਬਿਆਨ ਕਰਦਾ ਹਾਂ ਕਿ ਮੇਰਾ ਲੜਕਾ ਮੇਰੇ ਕਹਿਣੇ ਤੋਂ ਬਾਹਰ ਹੈ ਅਤੇ ਮੈਂ ਉਸਨੂੰ ਆਪਣੀ ਜਾਇਦਾਦ ਤੋਂ ਬੇਦਖਲ ਕਰਦਾ ਹਾਂ।

➤ ਮੈਂ ਸੁਖਦੇਵ ਸਿੰਘ ਪੁੱਤਰ ਗੁਰਮੇਲ ਸਿੰਘ ਵਾਸੀ ਪਿੰਡ ਬਾਜਾ ਖਾਨਾ ਬਿਆਨ ਕਰਦਾ ਹਾਂ ਕਿ ਮੇਰੀ ਲੜਕੀ ਮੇਰੇ ਕਹਿਣੇ ਤੋਂ ਬਾਹਰ ਹੈ ਜਿਸ ਕਰਕੇ ਮੈਂ ਉਸਨੂੰ ਆਪਣੀ ਜਾਇਦਾਦ ਤੋਂ ਬੇਦਖਲ ਕਰਦਾ ਹਾਂ।

➤ ਮੈਂ ਜਗਤਾਰ ਸਿੰਘ ਪੁੱਤਰ ਮਹਿੰਦਰ ਸਿੰਘ ਵਾਸੀ ਮ.ਨੰ: 245-ਬੀ ਬੀਰ ਕਲੋਨੀ, ਲੁਧਿਆਣਾ ਬਿਆਨ ਕਰਦਾ ਹਾਂ ਕਿ ਮੇਰਾ ਲੜਕਾ ਅਤੇ ਨੂੰਹ ਮੇਰੇ ਕਹਿਣੇ ਤੋਂ ਬਾਹਰ ਹਨ ਜਿਸ ਕਰਕੇ ਮੈਂ ਉਨ੍ਹਾਂ ਨੂੰ ਆਪਣੀ ਚੱਲ ਅਚੱਲ ਜਾਇਦਾਦ ਤੋਂ ਬੇਦਖਲ ਕਰਦਾ ਹਾਂ।

➤ ਮੈਂ ਅੰਗਰੇਜ਼ ਸਿੰਘ ਪੁੱਤਰ ਸ੍ਰ: ਬੂਟਾ ਸਿੰਘ ਵਾਸੀ ਪਿੰਡ ਬਾਘਾ ਪੁਰਾਣਾ ਤਹਿਸੀਲ ਸਮਰਾਲਾ ਬਿਆਨ ਕਰਦਾ ਹਾਂ ਕਿ ਮੇਰਾ ਲੜਕਾ ਮੇਰੇ ਕਹਿਣੇ ਤੋਂ ਬਾਹਰ ਹੈ।

➤ ਮੈਂ ਸੁਖਰਾਜ ਸਿੰਘ ਪੁੱਤਰ ਜਸਵੰਤ ਸਿੰਘ ਵਾਸੀ ਪਿੰਡ ਮਹਿਲ ਕਲਾਂ ਬਿਆਨ ਕਰਦਾ ਹਾਂ ਕਿ ਮੇਰਾ ਲੜਕਾ ਮੇਰੇ ਕਹਿਣੇ ਤੋਂ ਬਾਹਰ ਹੈ ਅਤੇ ਮੈਂ ਉਸਨੂੰ ਬੇਦਖਲ ਕਰਦਾ ਹਾਂ।

➤ ਮੈਂ ਰਾਜਿੰਦਰ ਕੌਰ ਪਤਨੀ ਸ੍ਰ: ਹਰਬੰਸ ਸਿੰਘ ਵਾਸੀ ਪਿੰਡ ਤਲਵੰਡੀ ਬਿਆਨ ਕਰਦੀ ਹਾਂ ਕਿ ਮੇਰੀ ਨੂੰਹ ਅਤੇ ਪੁੱਤਰ ਮੇਰੇ ਕਹਿਣੇ ਤੋਂ ਬਾਹਰ ਹਨ ਅਤੇ ਮੈਂ ਉਨ੍ਹਾਂ ਨੂੰ ਜਾਇਦਾਦ ਤੋਂ ਬੇਦਖਲ ਕਰਦੀ ਹਾਂ।

Public Notice
ਸਰਕਲ ਟਿਕਾਣਾ ਸੁਧਿਆਰਾਣਾ ਪਾਕਰਣ ਕੇਂਦਰ

ਆਮ ਜਨਤਾ ਨੂੰ ਸੂਚਿਤ ਕੀਤਾ ਜਾਂਦਾ ਹੈ ਕਿ ਸ਼੍ਰੀ ਰਾਜ ਕੁਮਾਰ ਪੁੱਤਰ ਸ਼੍ਰੀ ਬਿਸ਼ਨ ਦਾਸ ਵਾਸੀ ਮਕਾਨ ਨੰ. 3-ਐਕਸ/3-123 ਵੱਲੋਂ ਪੇਸ਼ ਕੀਤੀ ਗਈ ਦਰਖਾਸਤ ਦੇ ਸਬੰਧ ਵਿੱਚ ਜੇਕਰ ਕਿਸੇ ਵਿਅਕਤੀ ਨੂੰ ਕੋਈ ਇਤਰਾਜ਼ ਹੋਵੇ ਤਾਂ ਉਹ 30 ਦਿਨਾਂ ਦੇ ਅੰਦਰ-ਅੰਦਰ ਦਫ਼ਤਰ ਵਿੱਚ ਲਿਖਤੀ ਰੂਪ ਵਿੱਚ ਆਪਣਾ ਇਤਰਾਜ਼ ਦਰਜ ਕਰਵਾ ਸਕਦਾ ਹੈ। ਨਿਰਧਾਰਤ ਸਮੇਂ ਤੋਂ ਬਾਅਦ ਕਿਸੇ ਵੀ ਇਤਰਾਜ਼ ਤੇ ਵਿਚਾਰ ਨਹੀਂ ਕੀਤਾ ਜਾਵੇਗਾ।

ਨੋਟ: ਇਹ ਸੂਚਨਾ ਆਮ ਜਨਤਾ ਦੀ ਜਾਣਕਾਰੀ ਲਈ ਪ੍ਰਕਾਸ਼ਿਤ ਕੀਤੀ ਜਾ ਰਹੀ ਹੈ।

ਦਸਤਖਤ ਸਮਰੱਥ ਅਧਿਕਾਰੀ
Public Notice

This is to inform the general public that the original Allotment Letter / Sale Deed in respect of Plot/Flat has been misplaced or lost. Any person having any objection or claim in respect of the said property may lodge the same in writing with the undersigned within 15 days from the date of publication of this notice, failing which the matter shall be processed further and no claim shall be entertained thereafter.

Public Notice

Under the instruction from my client namely Iqbal Singh S/o Pyara Singh R/o W.No. Hargobind Nagar Bahona Chowuk Moga issuing the following publication as the property vide Measuring 4 Marlas 1 Sarsai 4 SQ.FT. situated at Moga Mehla Singh II, District Moga, that the parent chain link title deed vide Sale deed as Doc No. 4260 dated 15.11.2006, SRO office Moga in the name of Gurmeet Kaur W/o Inderjit Singh was lost/misplaced while going for market for photo copies. If any person found the above said title deed, may return the same by way of post or on the basis of documentation of registered post, to address given or inform undersigned by telephone. In case any persons/Financial Institution having any claim/interest in respect thereof by way of sale, exchanges, gift, mortgage or any objection, please be informs the same in writing to the undersigned in the below mentioned address within 7 days from the date of publication, with relevant documents in support of their claim/objection. If I have not received any objection with in the stipulated days, beyond that no claim is entertained or binding on my client.

Dated : 14/12/23

Contact person:Pavitar singh Advocate, Chamber no.41, district Court Moga.

Mob.no.99888-29655

E.mail : Pavitar599@gmail.com

ਬੈਂਕ ਸੂਚਨਾ

➤ ਹਰ ਆਮ ਅਤੇ ਖਾਸ ਨੂੰ ਸੂਚਿਤ ਕੀਤਾ ਜਾਂਦਾ ਹੈ ਕਿ ਮੇਰੇ ਵੱਲੋਂ ਖਰੀਦੀ ਗਈ ਜਾਇਦਾਦ ਦੇ ਸਬੰਧ ਵਿੱਚ ਅਸਲ ਦਸਤਾਵੇਜ਼ ਗੁੰਮ ਹੋ ਗਏ ਹਨ। 20/12/2023 ਨੂੰ ਲਿਖਤ 11 ਦੇ ਅਨੁਸਾਰ ਕਿਸੇ ਵੀ ਵਿਅਕਤੀ ਨੂੰ ਕੋਈ ਇਤਰਾਜ਼ ਹੋਵੇ ਤਾਂ ਸੰਪਰਕ ਕਰੇ।

➤ (ਸ.ਸ. ਨਰਵਾਲ) ਲਾਇਸੰਸਸ਼ੁਦਾ ਡੀਲਰ ਮੋਬ: 76268-10027, ਪੰਜਾਬੀ ਸਰਕਲ -99151-75002

ਨਾਮ ਬਦਲੀ...

➤ I Geta Devi W/0 Inder Mohan H/No 379E W.No.6 Old Pseb Street Dasuya Distt Hoshiarpur Have Changed My Name Geta Devi To Geeta Devi.

➤ I, Ishwar Devi W/o Sandal Kaur R/o H.No. 192 W.No. 9 Morinda (Ropar) have changed my name to Devi Ishwar.

➤ I Ravinder Kaur W/o Balvir Kumar R/o H.No. 240/3, Purana Bazar, Bang Teh Banga (Shahid Bhagat Singh Nagar) have changed my son's name from Rohit to Rohit Rohit.

➤ I, Swati Kapil W/o Mannu Dutt R/o H.No. 86 W.No. 8 Morinda (Ropar) have changed my name to Swati Dutt.

➤ I, Reetu W/o Rakesh Kumar, H.No. 80 W.No.6 Kang Mohalla Samrala Po Suh Samrala Distt Ludhiana (Punjab) Have Changed My Name From Reetu To Ritu.

➤ I, Baldeep Singh S/o Kuljit Singh R/o Village Jadhkela Khedi, Tehsil Bassi Pathana, District Fatehgarh Sahib My Given Name is Baldeep and My Surname is Singh.

➤ I Amandeep Singh S/o Charanjit Singh R/o Vill-Bhana Distt. Hoshiarpur Have Changed My Name Singh Amandeep.

➤ I Jaskaran S/o Joginder Pal R/o VPO Lakshian Distt. Hoshiarpur Changed Distt. Singh.

➤ I, Rajwinder Kaur Dhanju W/O Gabbar Singh R/O Village Miani Tehsil Shahkot Distt. Jalandhar have changed my name to Rajwinder Kaur after Marriage.

➤ I, Balvinder Kaur w/o Sukhdev Singh R/o House no

➤ 285, Phullanwal, Ludhiana declare that Balvindra Kaur and Balvinder kaur is one of same person name.

➤ I Manjit Singh S/o Prem Singh R/o H.No 318 Village balbhehra District Patiala have Changed my Name to Manjit Singh Chauhan.

➤ I Gurpreet Kaur W/o Manjit Singh Chauhan R/o H.No 318 Village balbhehra District Patiala have Changed my Name to Gurpreet Kaur Chauhan.

➤ I, Sarbjit Kaur W/o Rajinder Singh R/o H.No-8/443, Gali-No-1, Inside Qilalla, Ludhiana have changed my name to Sarabjeet Kaur.

➤ I, Sandeep Kaur W/o Gurpreet Singh R/o Ward No 11 Bhagta Bhai Ka, Distt Bathinda have changed my name to Sandeep Kaur.

➤ I, Vinod Kumar S/o Kewal Krishan R/o Village Raikot Distt Ludhiana have changed my name to Vinod Kumar Sharma.

➤ I, Sarabjeet Kaur w/o Jaspal Singh R/o H No 1 City Enclave Dhandra Road Mahmudpura Ludhiana have changed my name as Sarbjeet Kaur.

➤ I, Daljit Kaur w/o Surinder Singh R/o H.No 2787 Street No 4 Radha Swami Road Dugri Singh Nagar Ludhiana Changed My name as Daljeet Kaur.

➤ I, Mandip Kaur w/o Vikram R/o B-1 804/1 Near Shiv Mandir Prem Nagar Civil Lines Ludhiana Changed My name as Kanchan.

ਮੰਤਰ ਉਲੰਘਣਾ...

➤ ਪੰਜਾਬ ਸਿੱਖਿਆ ਪ੍ਰਣਾਲੀ ਅਨੁਸਾਰ ਵਿਭਾਗ ਤੋਂ ਪ੍ਰਾਪਤ ਸੂਚਨਾ ਅਨੁਸਾਰ ਬਿਜਲੀ ਖਾਤਾ ਨੰਬਰ 3005114875 ਅਧੀਨ ਖਪਤਕਾਰ ਨੂੰ ਸੂਚਿਤ ਕੀਤਾ ਜਾਂਦਾ ਹੈ ਕਿ ਆਪਣਾ ਬਕਾਇਆ ਤੁਰੰਤ ਜਮ੍ਹਾਂ ਕਰਵਾਉਣ।

➤ ਪੰਜਾਬ ਰਾਜ ਪਾਵਰ ਕਾਰਪੋਰੇਸ਼ਨ ਲਿਮਟਿਡ (PSPCL) ਵੱਲੋਂ ਬਕਾਇਆ ਰਕਮ ਸਮੇਤ ਜੁਰਮਾਨਾ ਵਸੂਲਿਆ ਜਾਵੇਗਾ।

➤ ਬਿਜਲੀ ਚੋਰੀ ਦੇ ਮਾਮਲਿਆਂ ਵਿੱਚ ਸਖ਼ਤ ਕਾਰਵਾਈ ਕੀਤੀ ਜਾਵੇਗੀ ਅਤੇ ਕਾਨੂੰਨੀ ਕਾਰਵਾਈ ਅਮਲ ਵਿੱਚ ਲਿਆਂਦੀ ਜਾਵੇਗੀ।

➤ ਮੀਟਰ ਰੀਡਿੰਗ ਸਬੰਧੀ ਕਿਸੇ ਵੀ ਸ਼ਿਕਾਇਤ ਲਈ ਨਜ਼ਦੀਕੀ ਦਫ਼ਤਰ ਨਾਲ ਸੰਪਰਕ ਕਰੋ।

➤ ਨੋਟਿਸ ਨੰਬਰ 82 ਮਿਤੀ 15.12.2023 ਅਨੁਸਾਰ ਸਬੰਧਤ ਖਪਤਕਾਰਾਂ ਨੂੰ ਅੰਤਿਮ ਚੇਤਾਵਨੀ ਦਿੱਤੀ ਜਾਂਦੀ ਹੈ।

ਇਸ਼ਤਿਹਾਰਾਂ ਸਬੰਧੀ ਜ਼ਰੂਰੀ ਬੇਨਤੀ
'ਪਹਿਰੇਦਾਰ' ਵਿੱਚ ਛਪਣ ਵਾਲੇ ਇਸ਼ਤਿਹਾਰਾਂ ਸਬੰਧੀ ਅਦਾਰਾ ਕਿਸੇ ਵੀ ਤਰ੍ਹਾਂ ਦੀ ਜ਼ਿੰਮੇਵਾਰੀ ਨਹੀਂ ਲੈਂਦਾ। ਇਸ਼ਤਿਹਾਰ ਦੇਣ ਵਾਲੇ ਵੱਲੋਂ ਦਿੱਤੀ ਗਈ ਜਾਣਕਾਰੀ ਦੀ ਸਾਰੀ ਜ਼ਿੰਮੇਵਾਰੀ ਉਸ ਦੀ ਆਪਣੀ ਹੋਵੇਗੀ।
ਇਸ਼ਤਿਹਾਰ ਅਤੇ ਕਲਾਸੀਫਾਈਡ ਕੇਵਲ ਅਦਾਰਾ 'ਪਹਿਰੇਦਾਰ' ਦੀ ਈ-ਮੇਲ	rozanapehredaradvt@gmail.com	'ਤੇ ਹੀ ਭੇਜੇ ਜਾਣ
